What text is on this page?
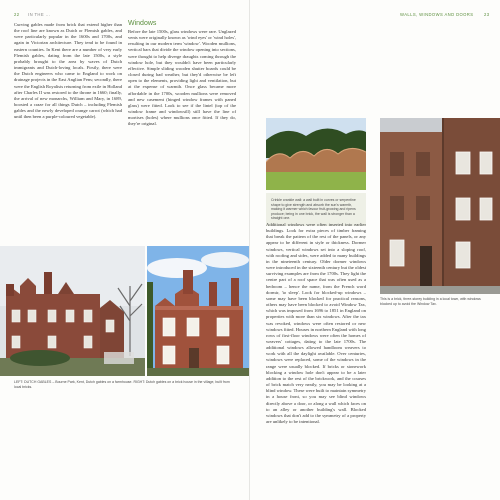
22 IN THE ...

Curving gables made from brick that extend higher than the roof line are known as Dutch or Flemish gables, and were particularly popular in the 1600s and 1700s, and again in Victorian architecture. They tend to be found in eastern counties. In Kent there are a number of very early Flemish gables, dating from the late 1500s, a style probably brought to the area by waves of Dutch immigrants and Dutch-loving locals. Firstly, there were the Dutch engineers who came to England to work on drainage projects in the East Anglian Fens; secondly, there were the English Royalists returning from exile in Holland after Charles II was restored to the throne in 1660; finally, the arrival of new monarchs, William and Mary, in 1689, boosted a craze for all things Dutch – including Flemish gables and the newly developed orange carrot (which had until then been a purple-coloured vegetable).

Windows
Before the late 1500s, glass windows were rare. Unglazed vents were originally known as 'wind eyes' or 'wind holes', resulting in our modern term 'window'. Wooden mullions, vertical bars that divide the window opening into sections, were thought to help diverge draughts coming through the window hole, but they wouldn't have been particularly effective. Simple sliding wooden shutter boards could be closed during bad weather, but they'd otherwise be left open to the elements, providing light and ventilation, but at the expense of warmth. Once glass became more affordable in the 1700s, wooden mullions were removed and new casement (hinged window frames with paned glass) were fitted. Look to see if the lintel (top of the window frame and windowsill) still have the line of mortises (holes) where mullions once fitted. If they do, they're original.
LEFT: DUTCH GABLES – Bourne Park, Kent, Dutch gables on a farmhouse. RIGHT: Dutch gables on a brick house in the village, built from local bricks.
WALLS, WINDOWS AND DOORS	23
Crinkle crankle wall: a wall built in curves or serpentine shape to give strength and absorb the sun's warmth, making it warmer which favour fruit-growing and ripens produce; being in one brick, the wall is stronger than a straight one.
This is a brick, three-storey building in a local town, with windows blocked up to avoid the Window Tax.

Additional windows were often inserted into earlier buildings. Look for extra pieces of timber framing that break the pattern of the rest of the panels, or any appear to be different in style or thickness. Dormer windows, vertical windows set into a sloping roof, with roofing and sides, were added to many buildings in the nineteenth century. Older dormer windows were introduced in the sixteenth century but the oldest surviving examples are from the 1700s. They light the centre part of a roof space that was often used as a bedroom – hence the name, from the French word dormir, 'to sleep'. Look for blocked-up windows – some may have been blocked for practical reasons, others may have been blocked to avoid Window Tax, which was imposed from 1696 to 1851 in England on properties with more than six windows. After the tax was revoked, windows were often restored or new windows fitted. Houses in northern England with long rows of first-floor windows were often the homes of weavers' cottages, dating to the late 1700s. The additional windows allowed handloom weavers to work with all the daylight available. Over centuries, windows were replaced, some of the windows in the range were usually blocked. If bricks or stonework blocking a window hole don't appear to be a later addition to the rest of the brickwork, and the courses of brick match very neatly, you may be looking at a blind window. These were built to maintain symmetry in a house front, so you may see blind windows directly above a door, or along a wall which faces on to an alley or another building's wall. Blocked windows that don't add to the symmetry of a property are unlikely to be intentional.
